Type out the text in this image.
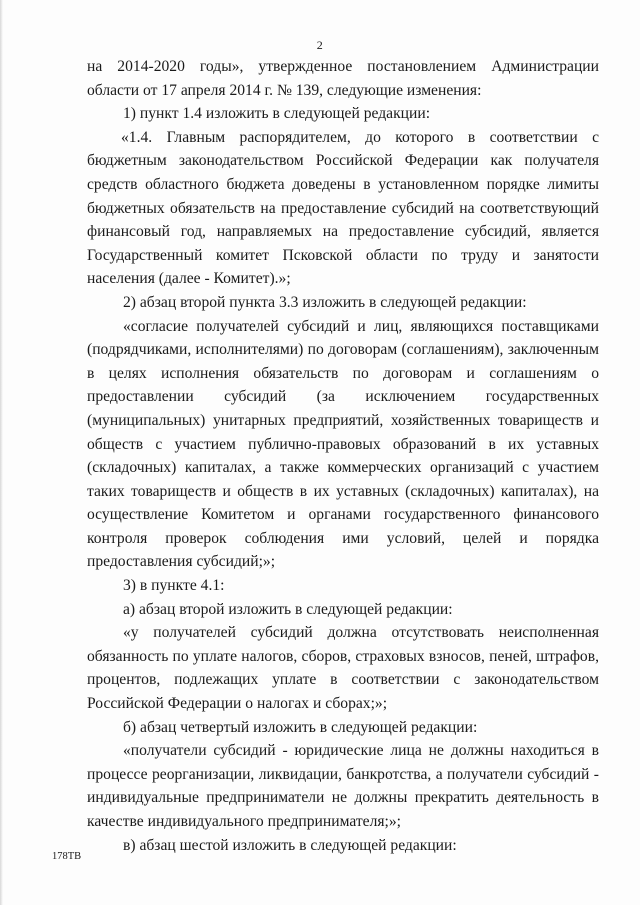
2

на 2014-2020 годы», утвержденное постановлением Администрации области от 17 апреля 2014 г. № 139, следующие изменения:

1) пункт 1.4 изложить в следующей редакции:

«1.4. Главным распорядителем, до которого в соответствии с бюджетным законодательством Российской Федерации как получателя средств областного бюджета доведены в установленном порядке лимиты бюджетных обязательств на предоставление субсидий на соответствующий финансовый год, направляемых на предоставление субсидий, является Государственный комитет Псковской области по труду и занятости населения (далее - Комитет).»;

2) абзац второй пункта 3.3 изложить в следующей редакции:

«согласие получателей субсидий и лиц, являющихся поставщиками (подрядчиками, исполнителями) по договорам (соглашениям), заключенным в целях исполнения обязательств по договорам и соглашениям о предоставлении субсидий (за исключением государственных (муниципальных) унитарных предприятий, хозяйственных товариществ и обществ с участием публично-правовых образований в их уставных (складочных) капиталах, а также коммерческих организаций с участием таких товариществ и обществ в их уставных (складочных) капиталах), на осуществление Комитетом и органами государственного финансового контроля проверок соблюдения ими условий, целей и порядка предоставления субсидий;»;

3) в пункте 4.1:

а) абзац второй изложить в следующей редакции:

«у получателей субсидий должна отсутствовать неисполненная обязанность по уплате налогов, сборов, страховых взносов, пеней, штрафов, процентов, подлежащих уплате в соответствии с законодательством Российской Федерации о налогах и сборах;»;

б) абзац четвертый изложить в следующей редакции:

«получатели субсидий - юридические лица не должны находиться в процессе реорганизации, ликвидации, банкротства, а получатели субсидий - индивидуальные предприниматели не должны прекратить деятельность в качестве индивидуального предпринимателя;»;

в) абзац шестой изложить в следующей редакции:

178ТВ
